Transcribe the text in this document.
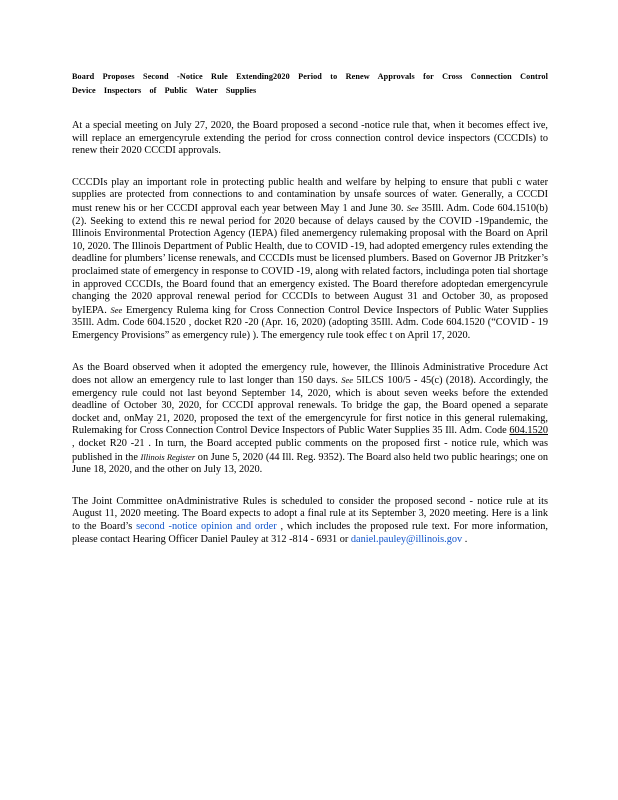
Board Proposes Second -Notice Rule Extending2020 Period to Renew Approvals for Cross Connection Control Device Inspectors of Public Water Supplies

At a special meeting on July 27, 2020, the Board proposed a second -notice rule that, when it becomes effect ive, will replace an emergencyrule extending the period for cross connection control device inspectors (CCCDIs) to renew their 2020 CCCDI approvals.

CCCDIs play an important role in protecting public health and welfare by helping to ensure that publi c water supplies are protected from connections to and contamination by unsafe sources of water. Generally, a CCCDI must renew his or her CCCDI approval each year between May 1 and June 30. See 35Ill. Adm. Code 604.1510(b)(2). Seeking to extend this re newal period for 2020 because of delays caused by the COVID -19pandemic, the Illinois Environmental Protection Agency (IEPA) filed anemergency rulemaking proposal with the Board on April 10, 2020. The Illinois Department of Public Health, due to COVID -19, had adopted emergency rules extending the deadline for plumbers’ license renewals, and CCCDIs must be licensed plumbers. Based on Governor JB Pritzker’s proclaimed state of emergency in response to COVID -19, along with related factors, includinga poten tial shortage in approved CCCDIs, the Board found that an emergency existed. The Board therefore adoptedan emergencyrule changing the 2020 approval renewal period for CCCDIs to between August 31 and October 30, as proposed byIEPA. See Emergency Rulema king for Cross Connection Control Device Inspectors of Public Water Supplies 35Ill. Adm. Code 604.1520 , docket R20 -20 (Apr. 16, 2020) (adopting 35Ill. Adm. Code 604.1520 (“COVID - 19 Emergency Provisions” as emergency rule) ). The emergency rule took effec t on April 17, 2020.

As the Board observed when it adopted the emergency rule, however, the Illinois Administrative Procedure Act does not allow an emergency rule to last longer than 150 days. See 5ILCS 100/5 - 45(c) (2018). Accordingly, the emergency rule could not last beyond September 14, 2020, which is about seven weeks before the extended deadline of October 30, 2020, for CCCDI approval renewals. To bridge the gap, the Board opened a separate docket and, onMay 21, 2020, proposed the text of the emergencyrule for first notice in this general rulemaking, Rulemaking for Cross Connection Control Device Inspectors of Public Water Supplies 35 Ill. Adm. Code 604.1520 , docket R20 -21 . In turn, the Board accepted public comments on the proposed first - notice rule, which was published in the Illinois Register on June 5, 2020 (44 Ill. Reg. 9352). The Board also held two public hearings; one on June 18, 2020, and the other on July 13, 2020.

The Joint Committee onAdministrative Rules is scheduled to consider the proposed second - notice rule at its August 11, 2020 meeting. The Board expects to adopt a final rule at its September 3, 2020 meeting. Here is a link to the Board’s second -notice opinion and order , which includes the proposed rule text. For more information, please contact Hearing Officer Daniel Pauley at 312 -814 - 6931 or daniel.pauley@illinois.gov .
